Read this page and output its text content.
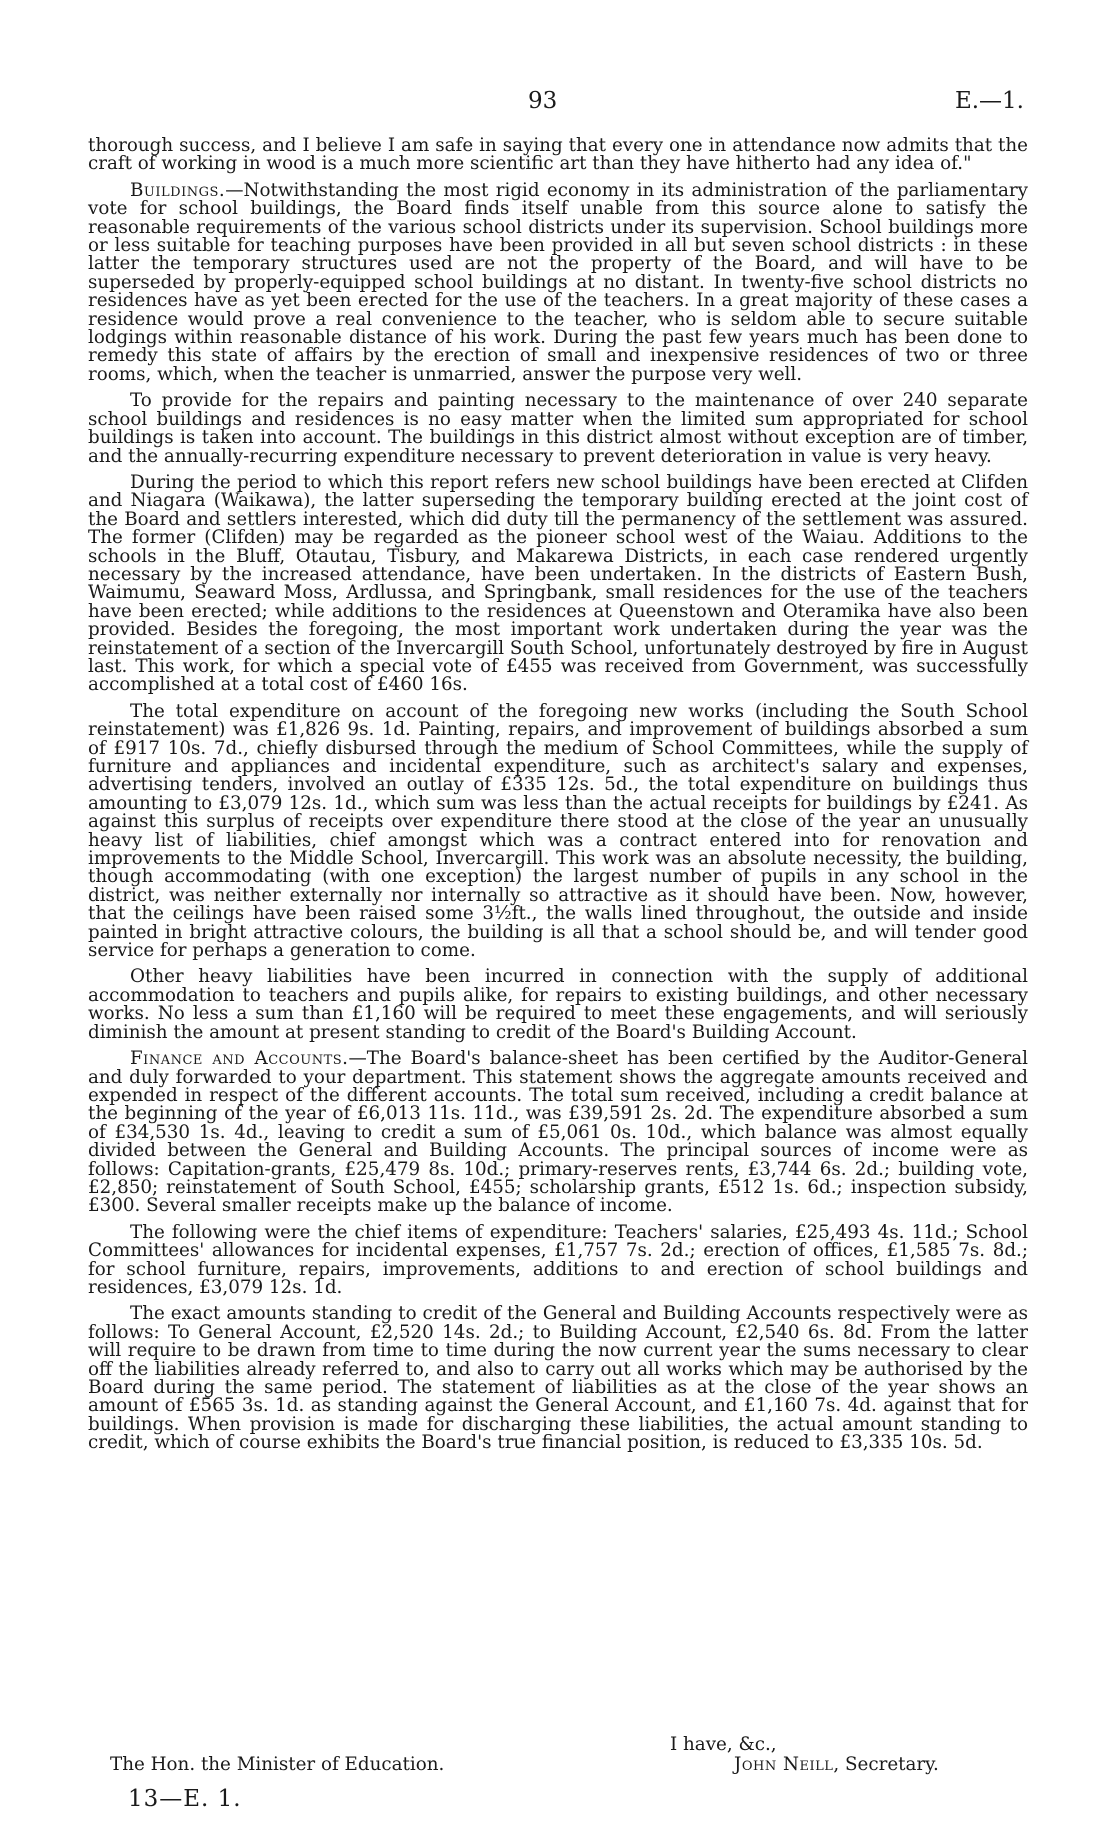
93	E.—1.

thorough success, and I believe I am safe in saying that every one in attendance now admits that the craft of working in wood is a much more scientific art than they have hitherto had any idea of."

Buildings.—Notwithstanding the most rigid economy in its administration of the parliamentary vote for school buildings, the Board finds itself unable from this source alone to satisfy the reasonable requirements of the various school districts under its supervision. School buildings more or less suitable for teaching purposes have been provided in all but seven school districts : in these latter the temporary structures used are not the property of the Board, and will have to be superseded by properly-equipped school buildings at no distant. In twenty-five school districts no residences have as yet been erected for the use of the teachers. In a great majority of these cases a residence would prove a real convenience to the teacher, who is seldom able to secure suitable lodgings within reasonable distance of his work. During the past few years much has been done to remedy this state of affairs by the erection of small and inexpensive residences of two or three rooms, which, when the teacher is unmarried, answer the purpose very well.

To provide for the repairs and painting necessary to the maintenance of over 240 separate school buildings and residences is no easy matter when the limited sum appropriated for school buildings is taken into account. The buildings in this district almost without exception are of timber, and the annually-recurring expenditure necessary to prevent deterioration in value is very heavy.

During the period to which this report refers new school buildings have been erected at Clifden and Niagara (Waikawa), the latter superseding the temporary building erected at the joint cost of the Board and settlers interested, which did duty till the permanency of the settlement was assured. The former (Clifden) may be regarded as the pioneer school west of the Waiau. Additions to the schools in the Bluff, Otautau, Tisbury, and Makarewa Districts, in each case rendered urgently necessary by the increased attendance, have been undertaken. In the districts of Eastern Bush, Waimumu, Seaward Moss, Ardlussa, and Springbank, small residences for the use of the teachers have been erected; while additions to the residences at Queenstown and Oteramika have also been provided. Besides the foregoing, the most important work undertaken during the year was the reinstatement of a section of the Invercargill South School, unfortunately destroyed by fire in August last. This work, for which a special vote of £455 was received from Government, was successfully accomplished at a total cost of £460 16s.

The total expenditure on account of the foregoing new works (including the South School reinstatement) was £1,826 9s. 1d. Painting, repairs, and improvement of buildings absorbed a sum of £917 10s. 7d., chiefly disbursed through the medium of School Committees, while the supply of furniture and appliances and incidental expenditure, such as architect's salary and expenses, advertising tenders, involved an outlay of £335 12s. 5d., the total expenditure on buildings thus amounting to £3,079 12s. 1d., which sum was less than the actual receipts for buildings by £241. As against this surplus of receipts over expenditure there stood at the close of the year an unusually heavy list of liabilities, chief amongst which was a contract entered into for renovation and improvements to the Middle School, Invercargill. This work was an absolute necessity, the building, though accommodating (with one exception) the largest number of pupils in any school in the district, was neither externally nor internally so attractive as it should have been. Now, however, that the ceilings have been raised some 3½ft., the walls lined throughout, the outside and inside painted in bright attractive colours, the building is all that a school should be, and will tender good service for perhaps a generation to come.

Other heavy liabilities have been incurred in connection with the supply of additional accommodation to teachers and pupils alike, for repairs to existing buildings, and other necessary works. No less a sum than £1,160 will be required to meet these engagements, and will seriously diminish the amount at present standing to credit of the Board's Building Account.

Finance and Accounts.—The Board's balance-sheet has been certified by the Auditor-General and duly forwarded to your department. This statement shows the aggregate amounts received and expended in respect of the different accounts. The total sum received, including a credit balance at the beginning of the year of £6,013 11s. 11d., was £39,591 2s. 2d. The expenditure absorbed a sum of £34,530 1s. 4d., leaving to credit a sum of £5,061 0s. 10d., which balance was almost equally divided between the General and Building Accounts. The principal sources of income were as follows: Capitation-grants, £25,479 8s. 10d.; primary-reserves rents, £3,744 6s. 2d.; building vote, £2,850; reinstatement of South School, £455; scholarship grants, £512 1s. 6d.; inspection subsidy, £300. Several smaller receipts make up the balance of income.

The following were the chief items of expenditure: Teachers' salaries, £25,493 4s. 11d.; School Committees' allowances for incidental expenses, £1,757 7s. 2d.; erection of offices, £1,585 7s. 8d.; for school furniture, repairs, improvements, additions to and erection of school buildings and residences, £3,079 12s. 1d.

The exact amounts standing to credit of the General and Building Accounts respectively were as follows: To General Account, £2,520 14s. 2d.; to Building Account, £2,540 6s. 8d. From the latter will require to be drawn from time to time during the now current year the sums necessary to clear off the liabilities already referred to, and also to carry out all works which may be authorised by the Board during the same period. The statement of liabilities as at the close of the year shows an amount of £565 3s. 1d. as standing against the General Account, and £1,160 7s. 4d. against that for buildings. When provision is made for discharging these liabilities, the actual amount standing to credit, which of course exhibits the Board's true financial position, is reduced to £3,335 10s. 5d.

I have, &c.,
The Hon. the Minister of Education.	John Neill, Secretary.
13—E. 1.
